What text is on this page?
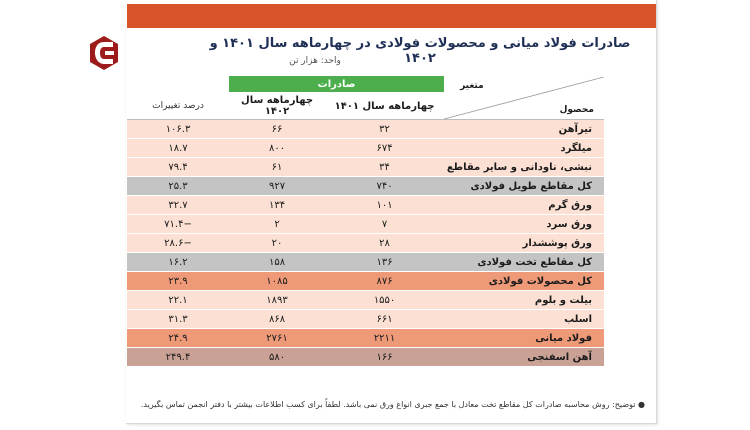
صادرات فولاد میانی و محصولات فولادی در چهارماهه سال ۱۴۰۱ و ۱۴۰۲
واحد: هزار تن
متغیر
محصول	صادرات		
	چهارماهه سال ۱۴۰۱	چهارماهه سال ۱۴۰۲	درصد تغییرات
تیرآهن	۳۲	۶۶	۱۰۶.۳
میلگرد	۶۷۴	۸۰۰	۱۸.۷
نبشی، ناودانی و سایر مقاطع	۳۴	۶۱	۷۹.۴
کل مقاطع طویل فولادی	۷۴۰	۹۲۷	۲۵.۳
ورق گرم	۱۰۱	۱۳۴	۳۲.۷
ورق سرد	۷	۲	−۷۱.۴
ورق پوششدار	۲۸	۲۰	−۲۸.۶
کل مقاطع تخت فولادی	۱۳۶	۱۵۸	۱۶.۲
کل محصولات فولادی	۸۷۶	۱۰۸۵	۲۳.۹
بیلت و بلوم	۱۵۵۰	۱۸۹۳	۲۲.۱
اسلب	۶۶۱	۸۶۸	۳۱.۳
فولاد میانی	۲۲۱۱	۲۷۶۱	۲۴.۹
آهن اسفنجی	۱۶۶	۵۸۰	۲۴۹.۴
● توضیح: روش محاسبه صادرات کل مقاطع تخت معادل با جمع جبری انواع ورق نمی باشد. لطفاً برای کسب اطلاعات بیشتر با دفتر انجمن تماس بگیرید.
